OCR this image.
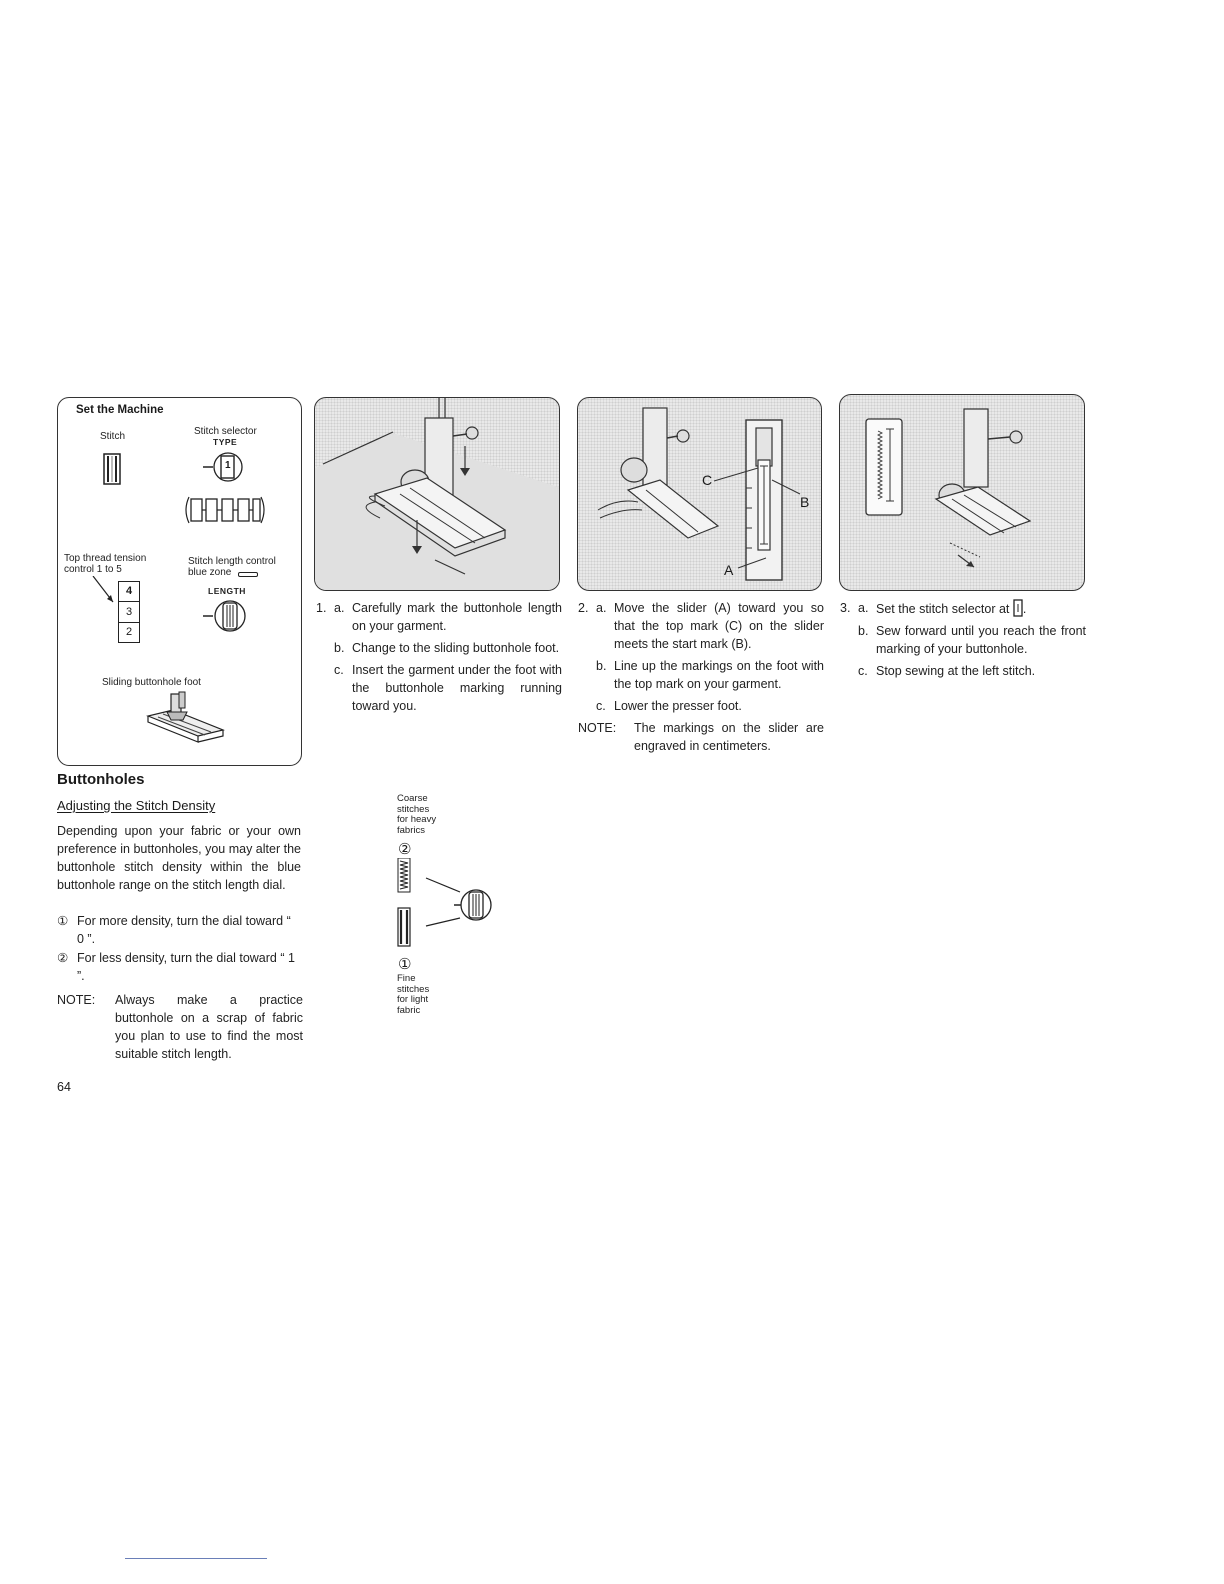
Set the Machine
Stitch	Stitch selector
TYPE
1
Top thread tension
control 1 to 5
4
3
2
Stitch length control
blue zone
LENGTH
Sliding buttonhole foot
C
B
A
1. a. Carefully mark the buttonhole length on your garment.
b. Change to the sliding buttonhole foot.
c. Insert the garment under the foot with the buttonhole marking running toward you.
2. a. Move the slider (A) toward you so that the top mark (C) on the slider meets the start mark (B).
b. Line up the markings on the foot with the top mark on your garment.
c. Lower the presser foot.
NOTE:	The markings on the slider are engraved in centimeters.
3. a. Set the stitch selector at .
b. Sew forward until you reach the front marking of your buttonhole.
c. Stop sewing at the left stitch.
Buttonholes
Adjusting the Stitch Density
Depending upon your fabric or your own preference in buttonholes, you may alter the buttonhole stitch density within the blue buttonhole range on the stitch length dial.
① For more density, turn the dial toward “ 0 ”.
② For less density, turn the dial toward “ 1 ”.
NOTE:	Always make a practice buttonhole on a scrap of fabric you plan to use to find the most suitable stitch length.
Coarse
stitches
for heavy
fabrics
②
①
Fine
stitches
for light
fabric
64
